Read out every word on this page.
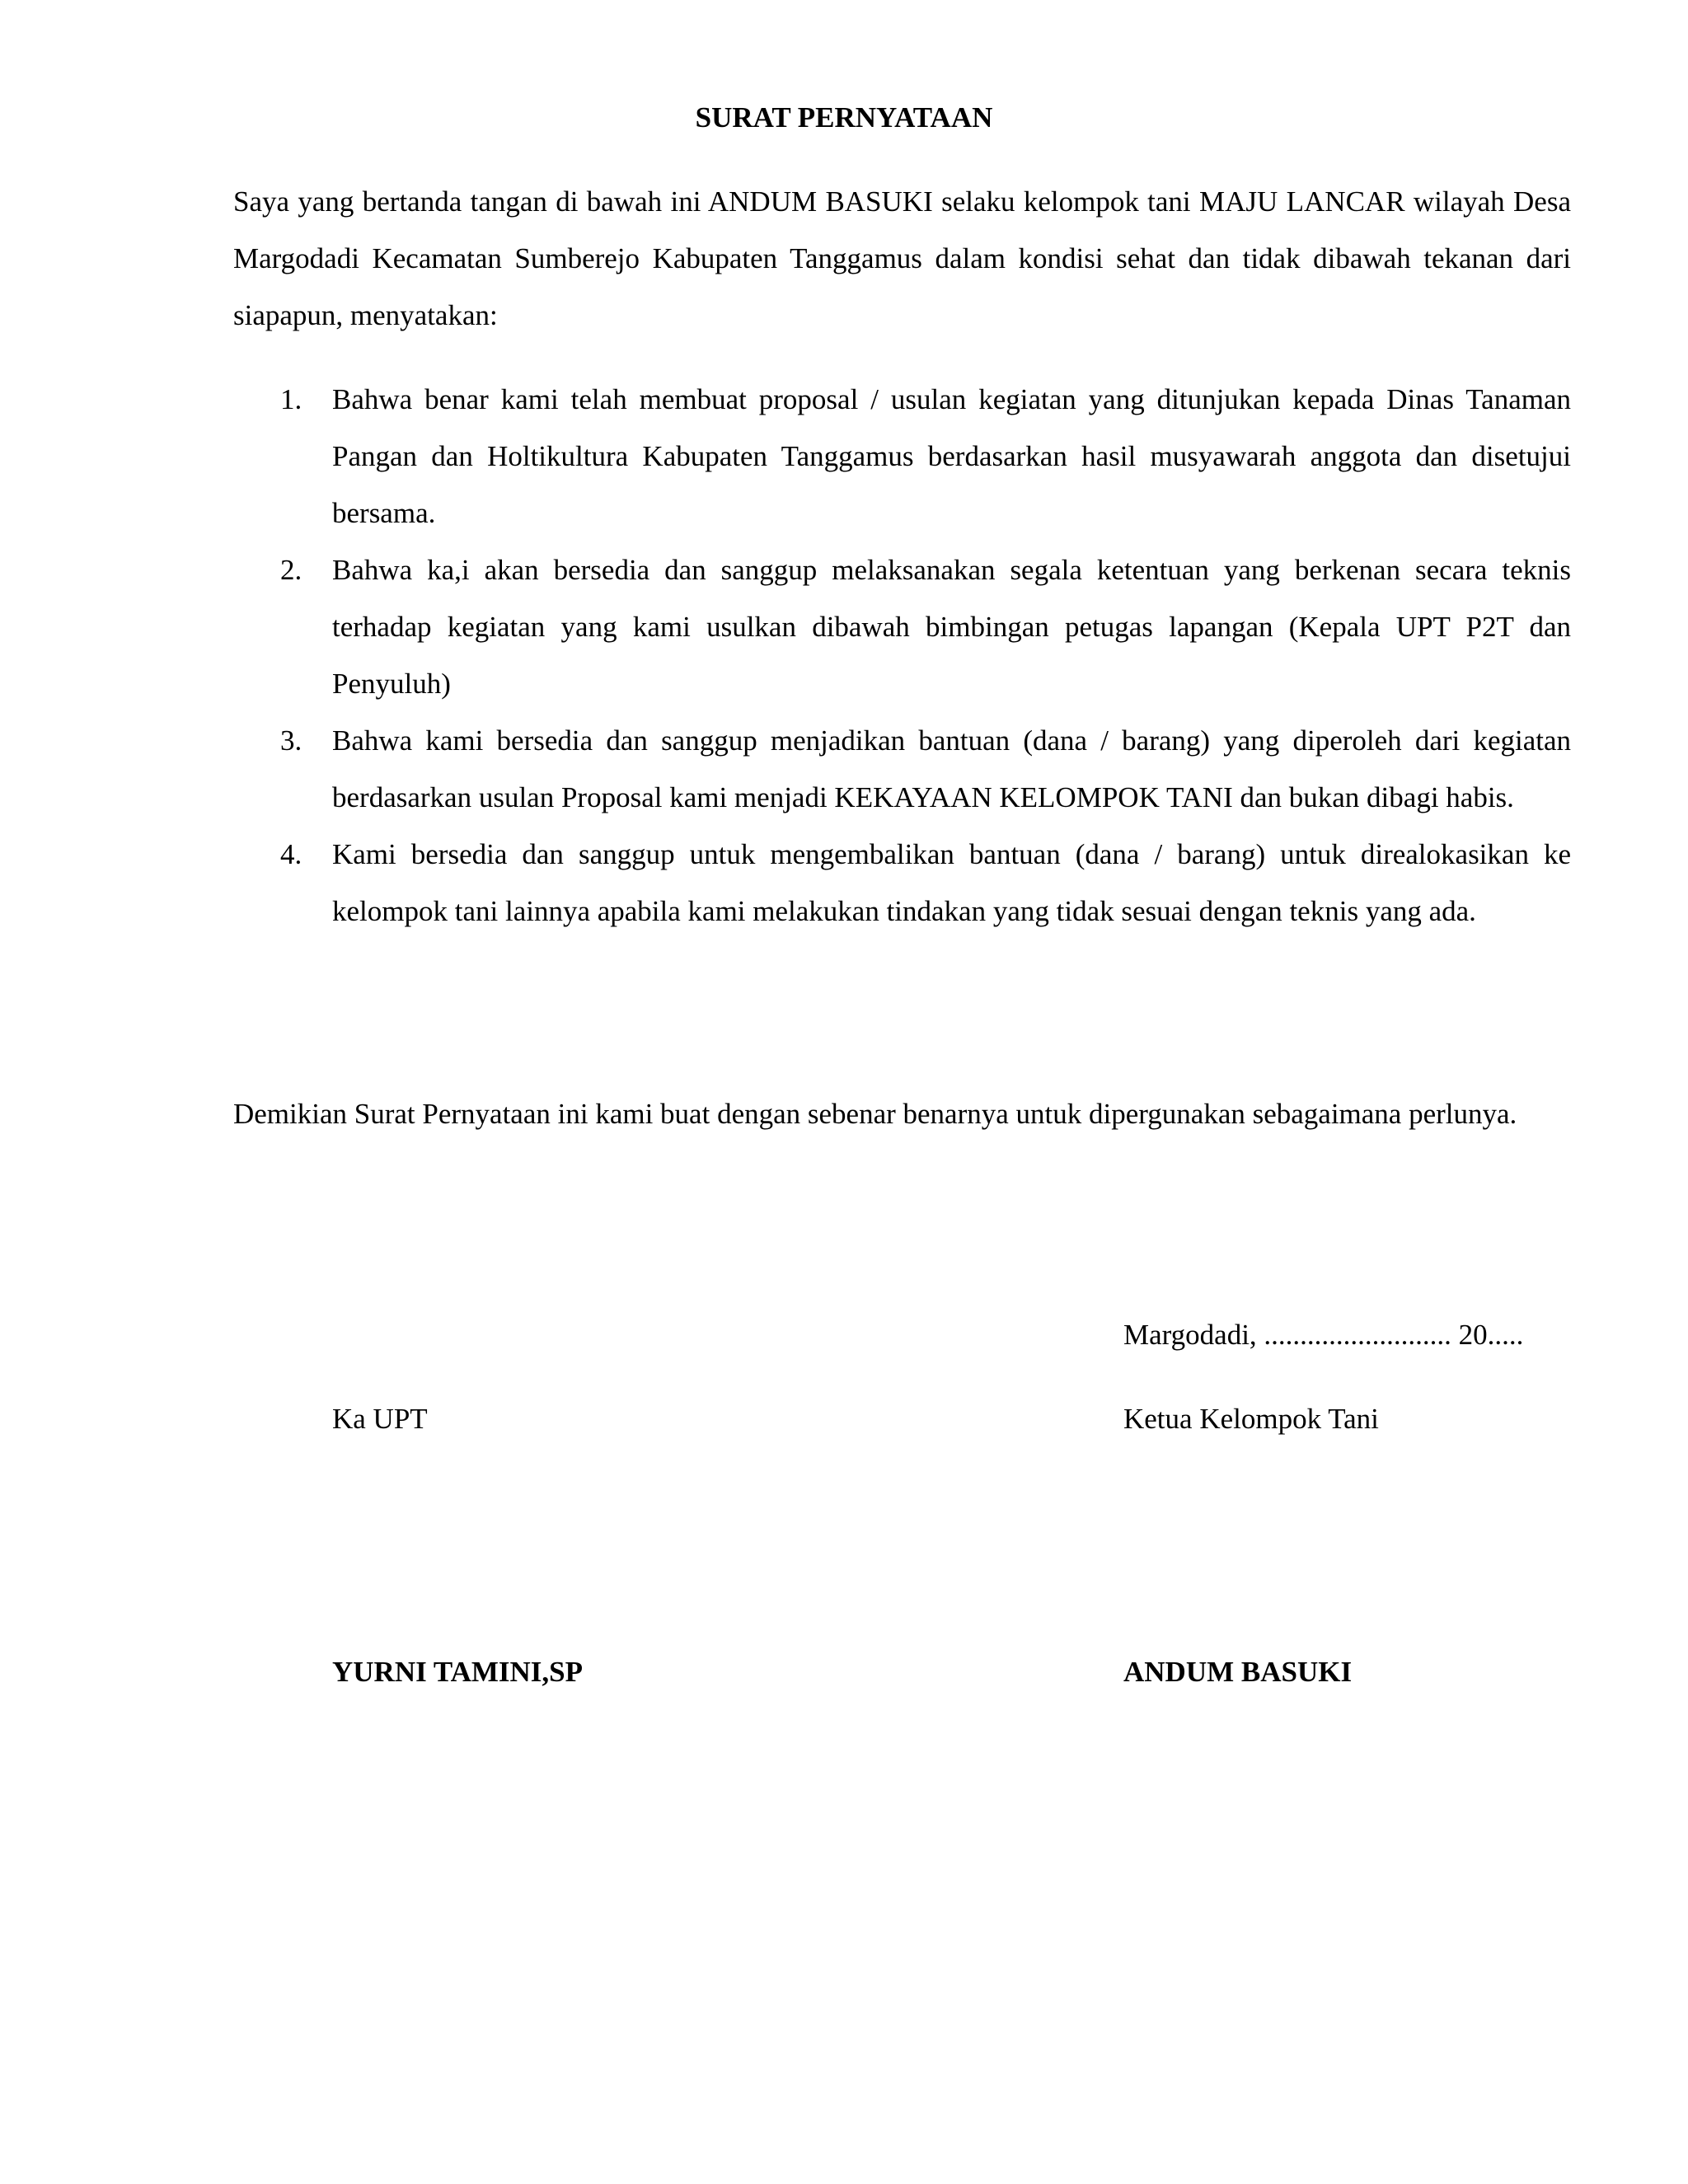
SURAT PERNYATAAN

Saya yang bertanda tangan di bawah ini ANDUM BASUKI selaku kelompok tani MAJU LANCAR wilayah Desa Margodadi Kecamatan Sumberejo Kabupaten Tanggamus dalam kondisi sehat dan tidak dibawah tekanan dari siapapun, menyatakan:

1. Bahwa benar kami telah membuat proposal / usulan kegiatan yang ditunjukan kepada Dinas Tanaman Pangan dan Holtikultura Kabupaten Tanggamus berdasarkan hasil musyawarah anggota dan disetujui bersama.
2. Bahwa ka,i akan bersedia dan sanggup melaksanakan segala ketentuan yang berkenan secara teknis terhadap kegiatan yang kami usulkan dibawah bimbingan petugas lapangan (Kepala UPT P2T dan Penyuluh)
3. Bahwa kami bersedia dan sanggup menjadikan bantuan (dana / barang) yang diperoleh dari kegiatan berdasarkan usulan Proposal kami menjadi KEKAYAAN KELOMPOK TANI dan bukan dibagi habis.
4. Kami bersedia dan sanggup untuk mengembalikan bantuan (dana / barang) untuk direalokasikan ke kelompok tani lainnya apabila kami melakukan tindakan yang tidak sesuai dengan teknis yang ada.

Demikian Surat Pernyataan ini kami buat dengan sebenar benarnya untuk dipergunakan sebagaimana perlunya.

Margodadi, .......................... 20.....
Ka UPT	Ketua Kelompok Tani
YURNI TAMINI,SP	ANDUM BASUKI
